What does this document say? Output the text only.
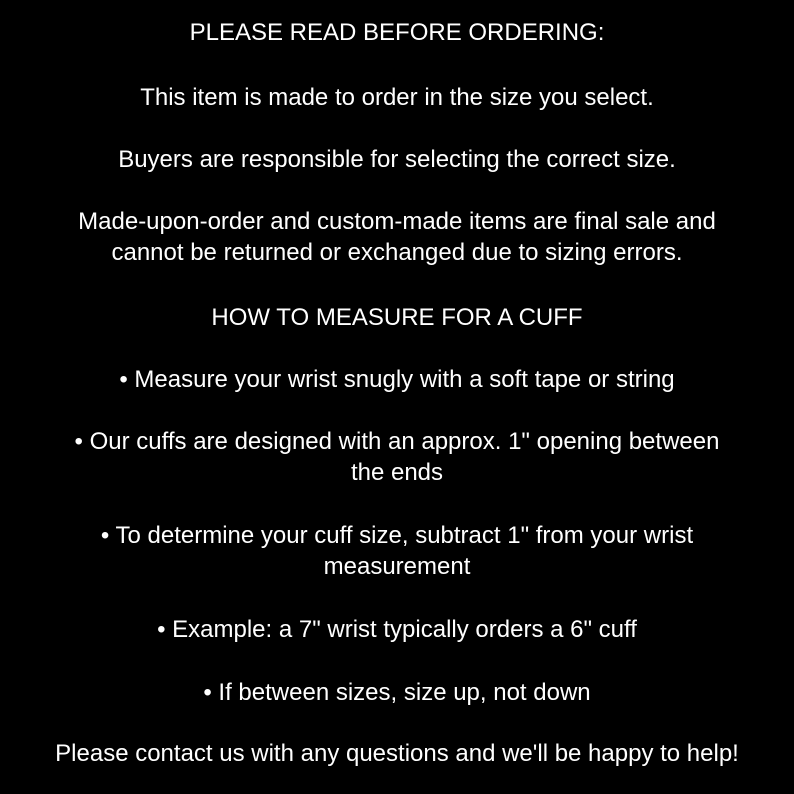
PLEASE READ BEFORE ORDERING:
This item is made to order in the size you select.
Buyers are responsible for selecting the correct size.
Made-upon-order and custom-made items are final sale and
cannot be returned or exchanged due to sizing errors.
HOW TO MEASURE FOR A CUFF
• Measure your wrist snugly with a soft tape or string
• Our cuffs are designed with an approx. 1" opening between
the ends
• To determine your cuff size, subtract 1" from your wrist
measurement
• Example: a 7" wrist typically orders a 6" cuff
• If between sizes, size up, not down
Please contact us with any questions and we'll be happy to help!
